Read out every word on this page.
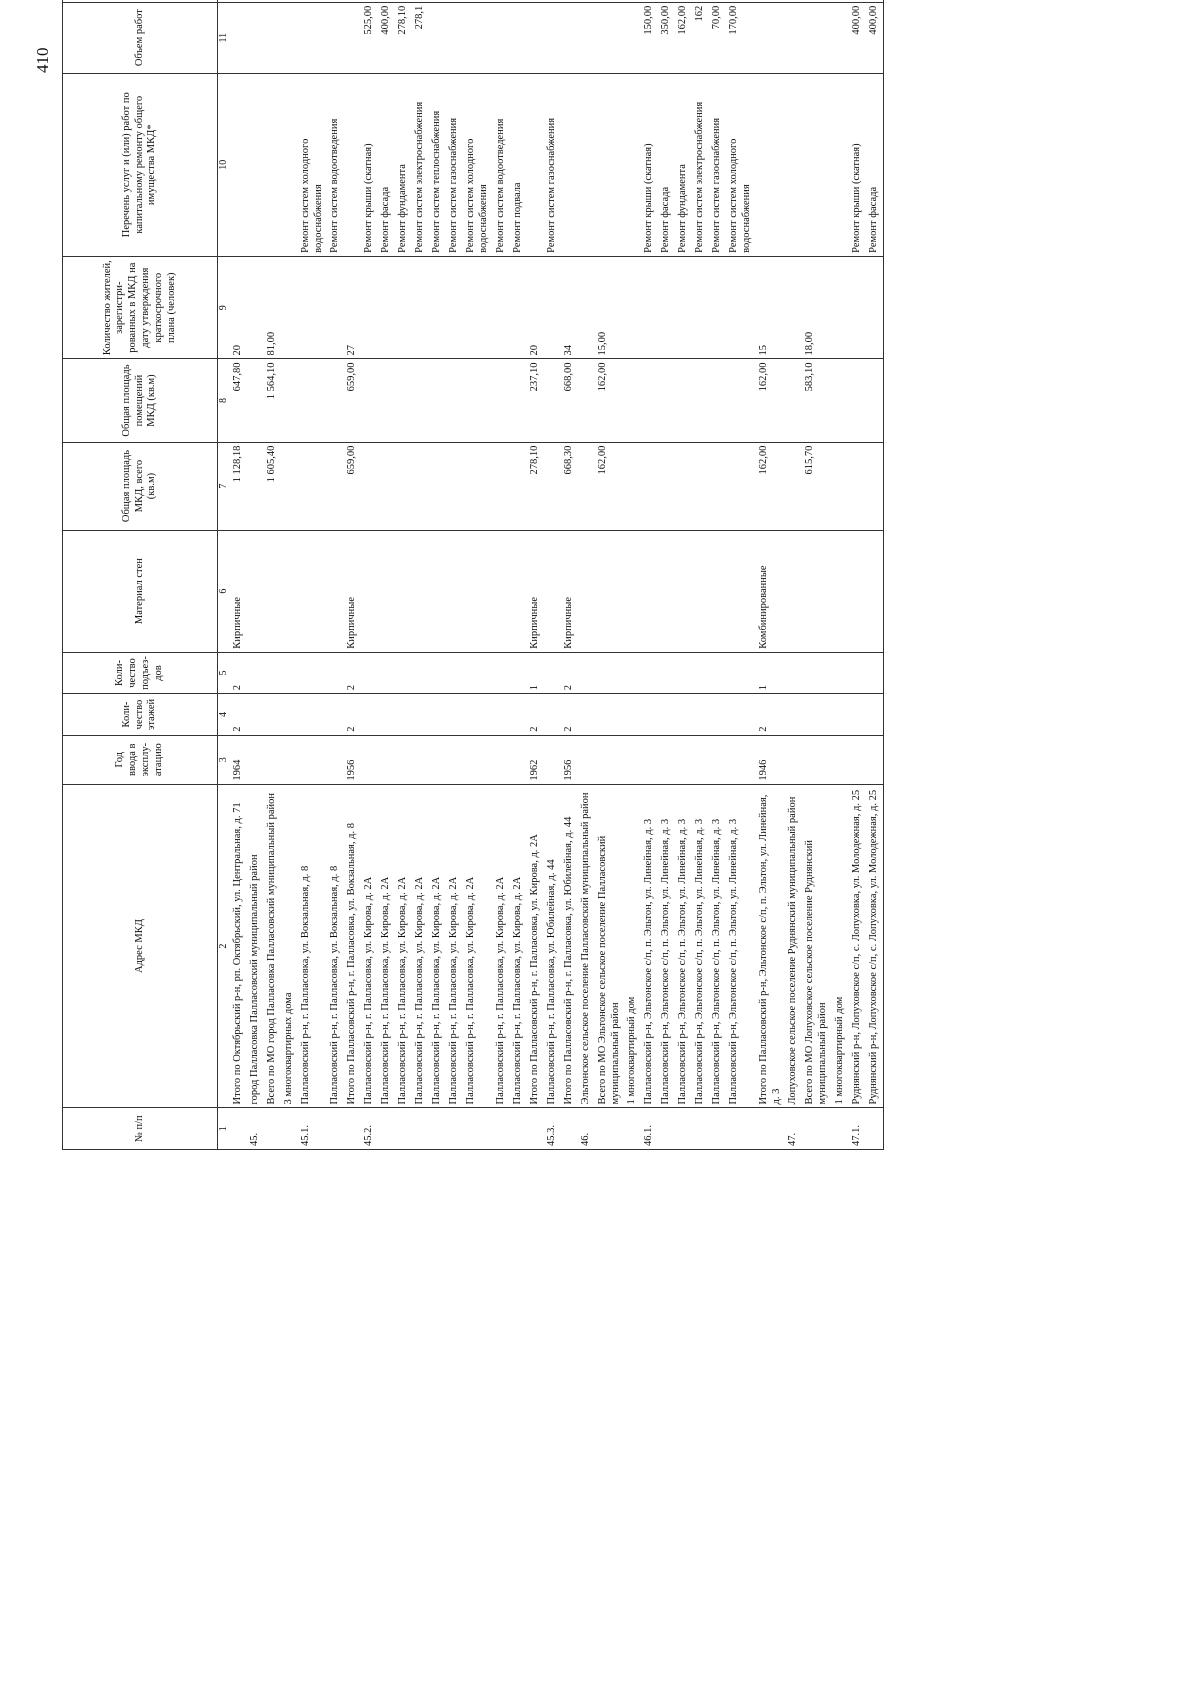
410
№ п/п	Адрес МКД	Год ввода в эксплу-атацию	Коли-чество этажей	Коли-чество подъез-дов	Материал стен	Общая площадь МКД, всего (кв.м)	Общая площадь помещений МКД (кв.м)	Количество жителей, зарегистри-рованных в МКД на дату утверждения краткосрочного плана (человек)	Перечень услуг и (или) работ по капитальному ремонту общего имущества МКД*	Объем работ					
1	2	3	4	5	6	7	8	9	10	11					
	Итого по Октябрьский р-н, рп. Октябрьский, ул. Центральная, д. 71	1964	2	2	Кирпичные	1 128,18	647,80	20				

45.	город Палласовка Палласовский муниципальный район														
	Всего по МО город Палласовка Палласовский муниципальный район					1 605,40	1 564,10	81,00				

	3 многоквартирных дома														
45.1.	Палласовский р-н, г. Палласовка, ул. Вокзальная, д. 8								Ремонт систем холодного водоснабжения

	Палласовский р-н, г. Палласовка, ул. Вокзальная, д. 8								Ремонт систем водоотведения

	Итого по Палласовский р-н, г. Палласовка, ул. Вокзальная, д. 8	1956	2	2	Кирпичные	659,00	659,00	27				

45.2.	Палласовский р-н, г. Палласовка, ул. Кирова, д. 2А								Ремонт крыши (скатная)	525,00

	Палласовский р-н, г. Палласовка, ул. Кирова, д. 2А								Ремонт фасада	400,00

	Палласовский р-н, г. Палласовка, ул. Кирова, д. 2А								Ремонт фундамента	278,10

	Палласовский р-н, г. Палласовка, ул. Кирова, д. 2А								Ремонт систем электроснабжения	278,1

	Палласовский р-н, г. Палласовка, ул. Кирова, д. 2А								Ремонт систем теплоснабжения

	Палласовский р-н, г. Палласовка, ул. Кирова, д. 2А								Ремонт систем газоснабжения

	Палласовский р-н, г. Палласовка, ул. Кирова, д. 2А								Ремонт систем холодного водоснабжения

	Палласовский р-н, г. Палласовка, ул. Кирова, д. 2А								Ремонт систем водоотведения

	Палласовский р-н, г. Палласовка, ул. Кирова, д. 2А								Ремонт подвала

	Итого по Палласовский р-н, г. Палласовка, ул. Кирова, д. 2А	1962	2	1	Кирпичные	278,10	237,10	20				

45.3.	Палласовский р-н, г. Палласовка, ул. Юбилейная, д. 44								Ремонт систем газоснабжения

	Итого по Палласовский р-н, г. Палласовка, ул. Юбилейная, д. 44	1956	2	2	Кирпичные	668,30	668,00	34				

46.	Эльтонское сельское поселение Палласовский муниципальный район														
	Всего по МО Эльтонское сельское поселение Палласовский муниципальный район					162,00	162,00	15,00				

	1 многоквартирный дом														
46.1.	Палласовский р-н, Эльтонское с/п, п. Эльтон, ул. Линейная, д. 3								Ремонт крыши (скатная)	150,00

	Палласовский р-н, Эльтонское с/п, п. Эльтон, ул. Линейная, д. 3								Ремонт фасада	350,00

	Палласовский р-н, Эльтонское с/п, п. Эльтон, ул. Линейная, д. 3								Ремонт фундамента	162,00

	Палласовский р-н, Эльтонское с/п, п. Эльтон, ул. Линейная, д. 3								Ремонт систем электроснабжения	162

	Палласовский р-н, Эльтонское с/п, п. Эльтон, ул. Линейная, д. 3								Ремонт систем газоснабжения	70,00

	Палласовский р-н, Эльтонское с/п, п. Эльтон, ул. Линейная, д. 3								Ремонт систем холодного водоснабжения	170,00

	Итого по Палласовский р-н, Эльтонское с/п, п. Эльтон, ул. Линейная, д. 3	1946	2	1	Комбинированные	162,00	162,00	15				

47.	Лопуховское сельское поселение Руднянский муниципальный район														
	Всего по МО Лопуховское сельское поселение Руднянский муниципальный район					615,70	583,10	18,00				

	1 многоквартирный дом														
47.1.	Руднянский р-н, Лопуховское с/п, с. Лопуховка, ул. Молодежная, д. 25								Ремонт крыши (скатная)	400,00

	Руднянский р-н, Лопуховское с/п, с. Лопуховка, ул. Молодежная, д. 25								Ремонт фасада	400,00
